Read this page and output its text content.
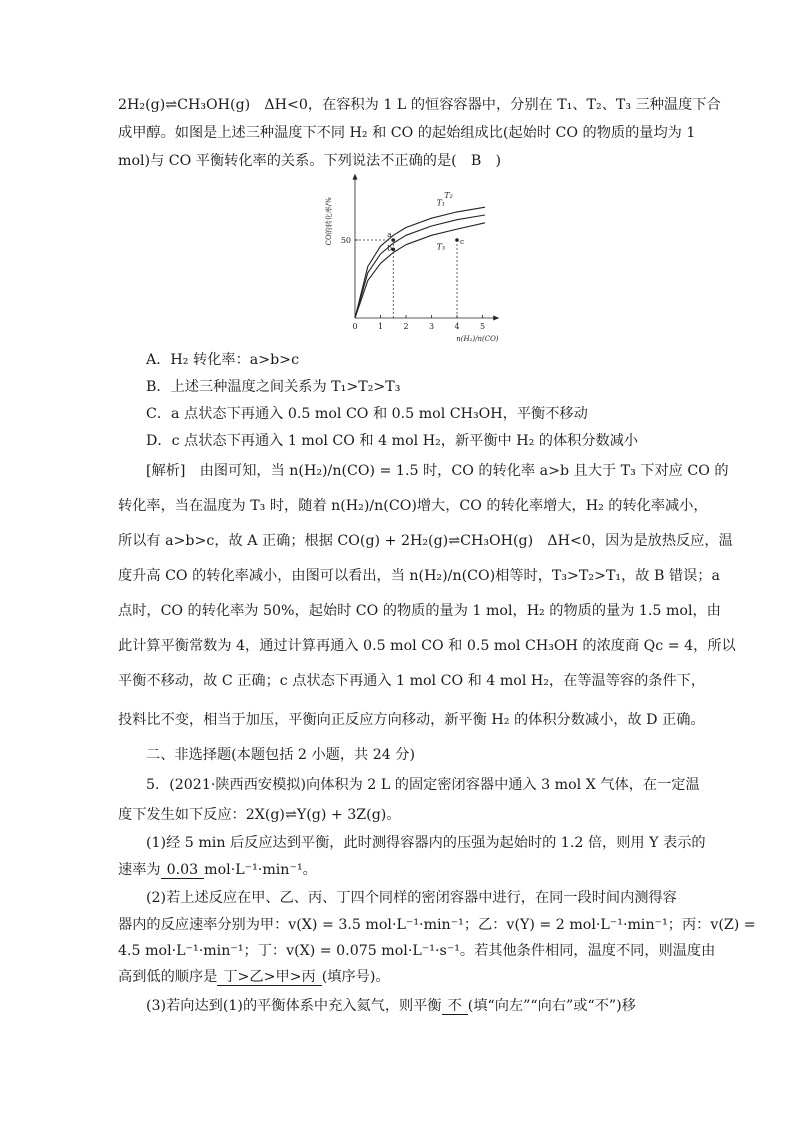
2H₂(g)⇌CH₃OH(g)　ΔH<0，在容积为 1 L 的恒容容器中，分别在 T₁、T₂、T₃ 三种温度下合
成甲醇。如图是上述三种温度下不同 H₂ 和 CO 的起始组成比(起始时 CO 的物质的量均为 1
mol)与 CO 平衡转化率的关系。下列说法不正确的是(　B　)
0	1	2	3	4	5
50
n(H₂)/n(CO)
CO的转化率/%	T₁
T₂
T₃
a
b
c
A．H₂ 转化率：a>b>c
B．上述三种温度之间关系为 T₁>T₂>T₃
C．a 点状态下再通入 0.5 mol CO 和 0.5 mol CH₃OH，平衡不移动
D．c 点状态下再通入 1 mol CO 和 4 mol H₂，新平衡中 H₂ 的体积分数减小
[解析]　由图可知，当 n(H₂)/n(CO) = 1.5 时，CO 的转化率 a>b 且大于 T₃ 下对应 CO 的
转化率，当在温度为 T₃ 时，随着 n(H₂)/n(CO)增大，CO 的转化率增大，H₂ 的转化率减小，
所以有 a>b>c，故 A 正确；根据 CO(g) + 2H₂(g)⇌CH₃OH(g)　ΔH<0，因为是放热反应，温
度升高 CO 的转化率减小，由图可以看出，当 n(H₂)/n(CO)相等时，T₃>T₂>T₁，故 B 错误；a
点时，CO 的转化率为 50%，起始时 CO 的物质的量为 1 mol，H₂ 的物质的量为 1.5 mol，由
此计算平衡常数为 4，通过计算再通入 0.5 mol CO 和 0.5 mol CH₃OH 的浓度商 Qc = 4，所以
平衡不移动，故 C 正确；c 点状态下再通入 1 mol CO 和 4 mol H₂，在等温等容的条件下，
投料比不变，相当于加压，平衡向正反应方向移动，新平衡 H₂ 的体积分数减小，故 D 正确。
二、非选择题(本题包括 2 小题，共 24 分)
5．(2021·陕西西安模拟)向体积为 2 L 的固定密闭容器中通入 3 mol X 气体，在一定温
度下发生如下反应：2X(g)⇌Y(g) + 3Z(g)。
(1)经 5 min 后反应达到平衡，此时测得容器内的压强为起始时的 1.2 倍，则用 Y 表示的
速率为 0.03 mol·L⁻¹·min⁻¹。
(2)若上述反应在甲、乙、丙、丁四个同样的密闭容器中进行，在同一段时间内测得容
器内的反应速率分别为甲：v(X) = 3.5 mol·L⁻¹·min⁻¹；乙：v(Y) = 2 mol·L⁻¹·min⁻¹；丙：v(Z) =
4.5 mol·L⁻¹·min⁻¹；丁：v(X) = 0.075 mol·L⁻¹·s⁻¹。若其他条件相同，温度不同，则温度由
高到低的顺序是 丁>乙>甲>丙 (填序号)。
(3)若向达到(1)的平衡体系中充入氦气，则平衡 不 (填“向左”“向右”或“不”)移
